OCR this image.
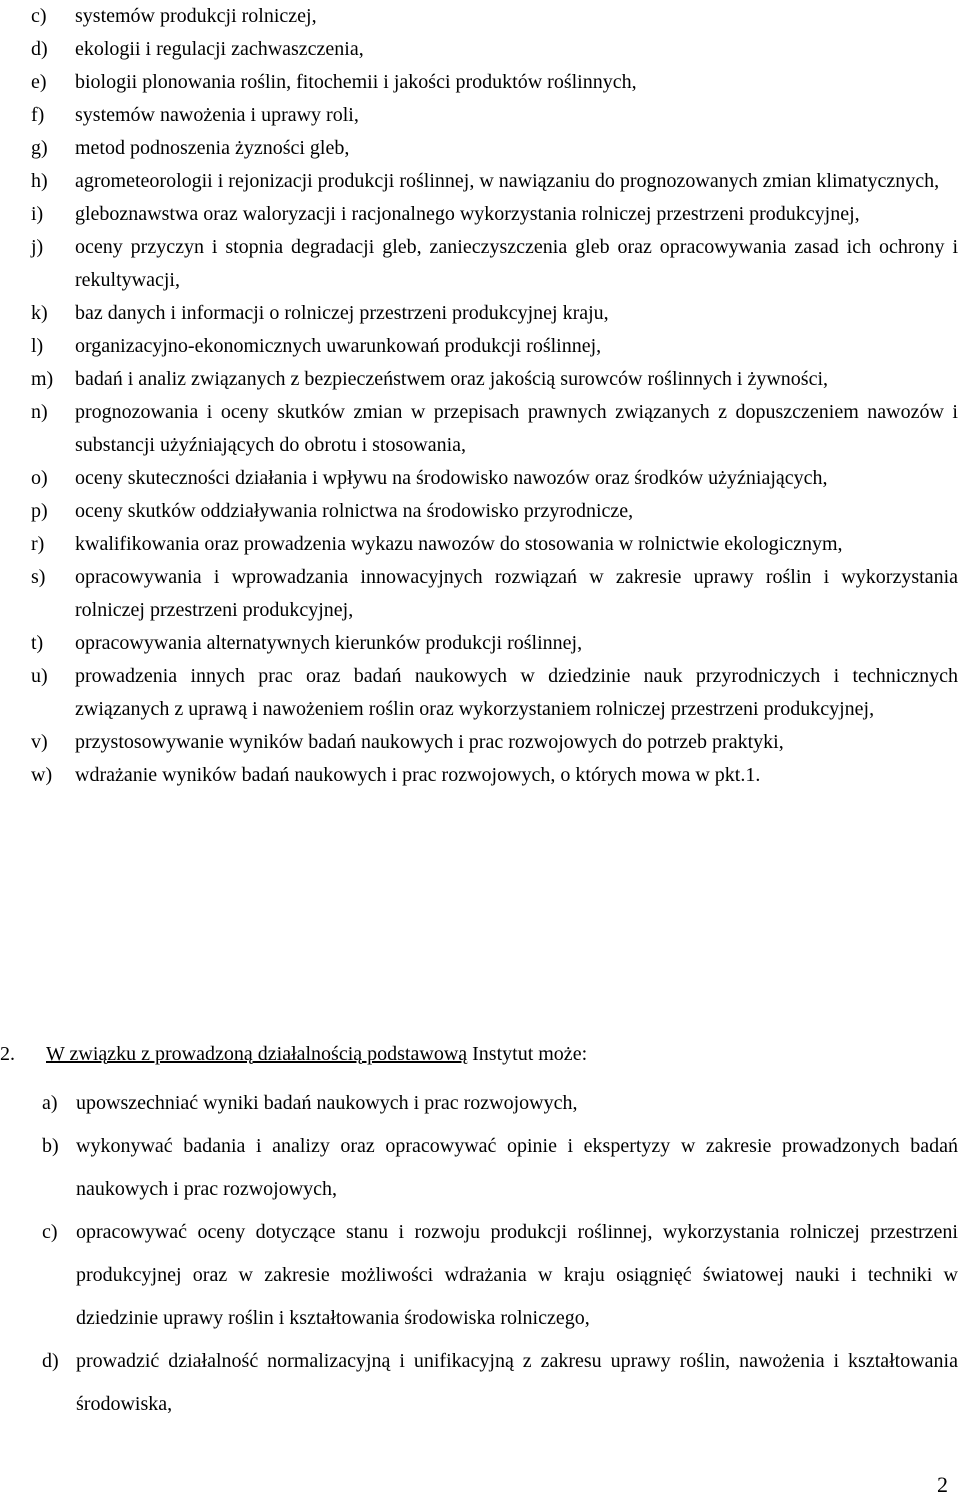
c)	systemów produkcji rolniczej,
d)	ekologii i regulacji zachwaszczenia,
e)	biologii plonowania roślin, fitochemii i jakości produktów roślinnych,
f)	systemów nawożenia i uprawy roli,
g)	metod podnoszenia żyzności gleb,
h)	agrometeorologii i rejonizacji produkcji roślinnej, w nawiązaniu do prognozowanych zmian klimatycznych,
i)	gleboznawstwa oraz waloryzacji i racjonalnego wykorzystania rolniczej przestrzeni produkcyjnej,
j)	oceny przyczyn i stopnia degradacji gleb, zanieczyszczenia gleb oraz opracowywania zasad ich ochrony i rekultywacji,
k)	baz danych i informacji o rolniczej przestrzeni produkcyjnej kraju,
l)	organizacyjno-ekonomicznych uwarunkowań produkcji roślinnej,
m)	badań i analiz związanych z bezpieczeństwem oraz jakością surowców roślinnych i żywności,
n)	prognozowania i oceny skutków zmian w przepisach prawnych związanych z dopuszczeniem nawozów i substancji użyźniających do obrotu i stosowania,
o)	oceny skuteczności działania i wpływu na środowisko nawozów oraz środków użyźniających,
p)	oceny skutków oddziaływania rolnictwa na środowisko przyrodnicze,
r)	kwalifikowania oraz prowadzenia wykazu nawozów do stosowania w rolnictwie ekologicznym,
s)	opracowywania i wprowadzania innowacyjnych rozwiązań w zakresie uprawy roślin i wykorzystania rolniczej przestrzeni produkcyjnej,
t)	opracowywania alternatywnych kierunków produkcji roślinnej,
u)	prowadzenia innych prac oraz badań naukowych w dziedzinie nauk przyrodniczych i technicznych związanych z uprawą i nawożeniem roślin oraz wykorzystaniem rolniczej przestrzeni produkcyjnej,
v)	przystosowywanie wyników badań naukowych i prac rozwojowych do potrzeb praktyki,
w)	wdrażanie wyników badań naukowych i prac rozwojowych, o których mowa w pkt.1.
2.	W związku z prowadzoną działalnością podstawową Instytut może:
a) upowszechniać wyniki badań naukowych i prac rozwojowych,
b) wykonywać badania i analizy oraz opracowywać opinie i ekspertyzy w zakresie prowadzonych badań naukowych i prac rozwojowych,
c) opracowywać oceny dotyczące stanu i rozwoju produkcji roślinnej, wykorzystania rolniczej przestrzeni produkcyjnej oraz w zakresie możliwości wdrażania w kraju osiągnięć światowej nauki i techniki w dziedzinie uprawy roślin i kształtowania środowiska rolniczego,
d) prowadzić działalność normalizacyjną i unifikacyjną z zakresu uprawy roślin, nawożenia i kształtowania środowiska,
2
